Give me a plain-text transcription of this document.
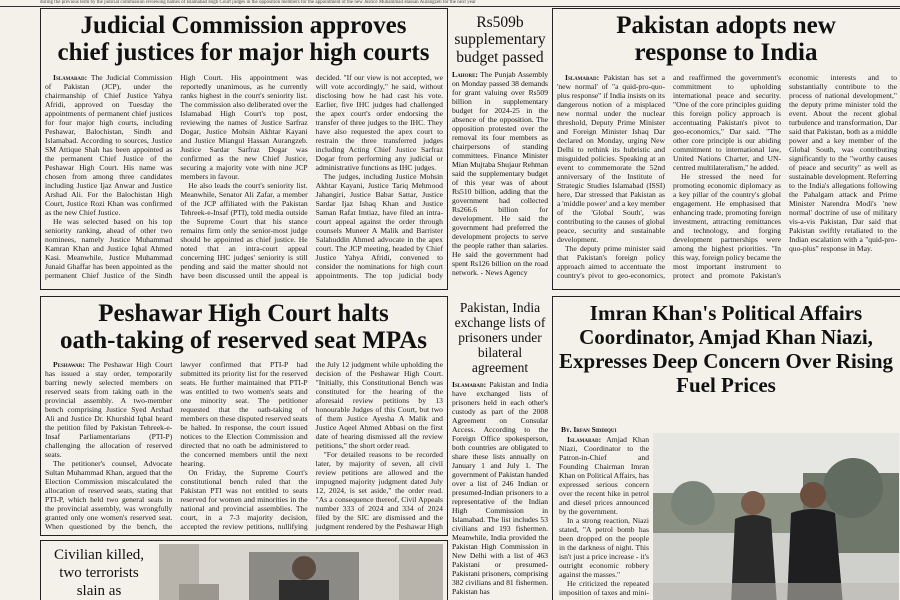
during the previous term by the judicial commission reviewing names of Islamabad High Court judges in the opposition members for the appointment of the new Justice Muhammad Hassan Aurangzeb for the next year
Judicial Commission approves
chief justices for major high courts

Islamabad: The Judicial Commission of Pakistan (JCP), under the chairmanship of Chief Justice Yahya Afridi, approved on Tuesday the appointments of permanent chief justices for four major high courts, including Peshawar, Balochistan, Sindh and Islamabad. According to sources, Justice SM Attique Shah has been appointed as the permanent Chief Justice of the Peshawar High Court. His name was chosen from among three candidates including Justice Ijaz Anwar and Justice Arshad Ali. For the Balochistan High Court, Justice Rozi Khan was confirmed as the new Chief Justice.

He was selected based on his top seniority ranking, ahead of other two nominees, namely Justice Muhammad Kamran Khan and Justice Iqbal Ahmed Kasi. Meanwhile, Justice Muhammad Junaid Ghaffar has been appointed as the permanent Chief Justice of the Sindh High Court. His appointment was reportedly unanimous, as he currently ranks highest in the court's seniority list. The commission also deliberated over the Islamabad High Court's top post, reviewing the names of Justice Sarfraz Dogar, Justice Mohsin Akhtar Kayani and Justice Miangul Hassan Aurangzeb. Justice Sardar Sarfraz Dogar was confirmed as the new Chief Justice, securing a majority vote with nine JCP members in favour.

He also leads the court's seniority list. Meanwhile, Senator Ali Zafar, a member of the JCP affiliated with the Pakistan Tehreek-e-Insaf (PTI), told media outside the Supreme Court that his stance remains firm only the senior-most judge should be appointed as chief justice. He noted that an intra-court appeal concerning IHC judges' seniority is still pending and said the matter should not have been discussed until the appeal is decided. "If our view is not accepted, we will vote accordingly," he said, without disclosing how he had cast his vote. Earlier, five IHC judges had challenged the apex court's order endorsing the transfer of three judges to the IHC. They have also requested the apex court to restrain the three transferred judges including Acting Chief Justice Sarfraz Dogar from performing any judicial or administrative functions as IHC judges.

The judges, including Justice Mohsin Akhtar Kayani, Justice Tariq Mehmood Jahangiri, Justice Babar Sattar, Justice Sardar Ijaz Ishaq Khan and Justice Saman Rafat Imtiaz, have filed an intra-court appeal against the order through counsels Muneer A Malik and Barrister Salahuddin Ahmed advocate in the apex court. The JCP meeting, headed by Chief Justice Yahya Afridi, convened to consider the nominations for high court appointments. The top judicial body

Rs509b supplementary budget passed
Lahore: The Punjab Assembly on Monday passed 38 demands for grant valuing over Rs509 billion in supplementary budget for 2024-25 in the absence of the opposition. The opposition protested over the removal its four members as chairpersons of standing committees. Finance Minister Mian Mujtaba Shujaur Rehman said the supplementary budget of this year was of about Rs510 billion, adding that the government had collected Rs266.6 billion for development. He said the government had preferred the development projects to serve the people rather than salaries. He said the government had spent Rs126 billion on the road network. - News Agency
Pakistan adopts new
response to India

Islamabad: Pakistan has set a 'new normal' of "a quid-pro-quo-plus response" if India insists on its dangerous notion of a misplaced new normal under the nuclear threshold, Deputy Prime Minister and Foreign Minister Ishaq Dar declared on Monday, urging New Delhi to rethink its hubristic and misguided policies. Speaking at an event to commemorate the 52nd anniversary of the Institute of Strategic Studies Islamabad (ISSI) here, Dar stressed that Pakistan as a 'middle power' and a key member of the 'Global South', was contributing to the causes of global peace, security and sustainable development.

The deputy prime minister said that Pakistan's foreign policy approach aimed to accentuate the country's pivot to geo-economics, and reaffirmed the government's commitment to upholding international peace and security. "One of the core principles guiding this foreign policy approach is accentuating Pakistan's pivot to geo-economics," Dar said. "The other core principle is our abiding commitment to international law, United Nations Charter, and UN-centred multilateralism," he added.

He stressed the need for promoting economic diplomacy as a key pillar of the country's global engagement. He emphasised that enhancing trade, promoting foreign investment, attracting remittances and technology, and forging development partnerships were among the highest priorities. "In this way, foreign policy became the most important instrument to protect and promote Pakistan's economic interests and to substantially contribute to the process of national development," the deputy prime minister told the event. About the recent global turbulence and transformation, Dar said that Pakistan, both as a middle power and a key member of the Global South, was contributing significantly to the "worthy causes of peace and security" as well as sustainable development. Referring to the India's allegations following the Pahalgam attack and Prime Minister Narendra Modi's 'new normal' doctrine of use of military vis-a-vis Pakistan, Dar said that Pakistan swiftly retaliated to the Indian escalation with a "quid-pro-quo-plus" response in May.

Peshawar High Court halts
oath-taking of reserved seat MPAs

Peshawar: The Peshawar High Court has issued a stay order, temporarily barring newly selected members on reserved seats from taking oath in the provincial assembly. A two-member bench comprising Justice Syed Arshad Ali and Justice Dr. Khurshid Iqbal heard the petition filed by Pakistan Tehreek-e-Insaf Parliamentarians (PTI-P) challenging the allocation of reserved seats.

The petitioner's counsel, Advocate Sultan Muhammad Khan, argued that the Election Commission miscalculated the allocation of reserved seats, stating that PTI-P, which held two general seats in the provincial assembly, was wrongfully granted only one women's reserved seat. When questioned by the bench, the lawyer confirmed that PTI-P had submitted its priority list for the reserved seats. He further maintained that PTI-P was entitled to two women's seats and one minority seat. The petitioner requested that the oath-taking of members on these disputed reserved seats be halted. In response, the court issued notices to the Election Commission and directed that no oath be administered to the concerned members until the next hearing.

On Friday, the Supreme Court's constitutional bench ruled that the Pakistan PTI was not entitled to seats reserved for women and minorities in the national and provincial assemblies. The court, in a 7-3 majority decision, accepted the review petitions, nullifying the July 12 judgment while upholding the decision of the Peshawar High Court. "Initially, this Constitutional Bench was constituted for the hearing of the aforesaid review petitions by 13 honourable Judges of this Court, but two of them Justice Ayesha A Malik and Justice Aqeel Ahmed Abbasi on the first date of hearing dismissed all the review petitions," the short order read.

"For detailed reasons to be recorded later, by majority of seven, all civil review petitions are allowed and the impugned majority judgment dated July 12, 2024, is set aside," the order read. "As a consequence thereof, Civil Appeals number 333 of 2024 and 334 of 2024 filed by the SIC are dismissed and the judgment rendered by the Peshawar High

Pakistan, India exchange lists of prisoners under bilateral agreement
Islamabad: Pakistan and India have exchanged lists of prisoners held in each other's custody as part of the 2008 Agreement on Consular Access. According to the Foreign Office spokesperson, both countries are obligated to share these lists annually on January 1 and July 1. The government of Pakistan handed over a list of 246 Indian or presumed-Indian prisoners to a representative of the Indian High Commission in Islamabad. The list includes 53 civilians and 193 fishermen. Meanwhile, India provided the Pakistan High Commission in New Delhi with a list of 463 Pakistani or presumed-Pakistani prisoners, comprising 382 civilians and 81 fishermen. Pakistan has
Imran Khan's Political Affairs Coordinator, Amjad Khan Niazi, Expresses Deep Concern Over Rising Fuel Prices
By. Irfan Siddiqui

Islamabad: Amjad Khan Niazi, Coordinator to the Patron-in-Chief and Founding Chairman Imran Khan on Political Affairs, has expressed serious concern over the recent hike in petrol and diesel prices announced by the government.

In a strong reaction, Niazi stated, "A petrol bomb has been dropped on the people in the darkness of night. This isn't just a price increase - it's outright economic robbery against the masses."

He criticized the repeated imposition of taxes and mini-

Civilian killed, two terrorists slain as
